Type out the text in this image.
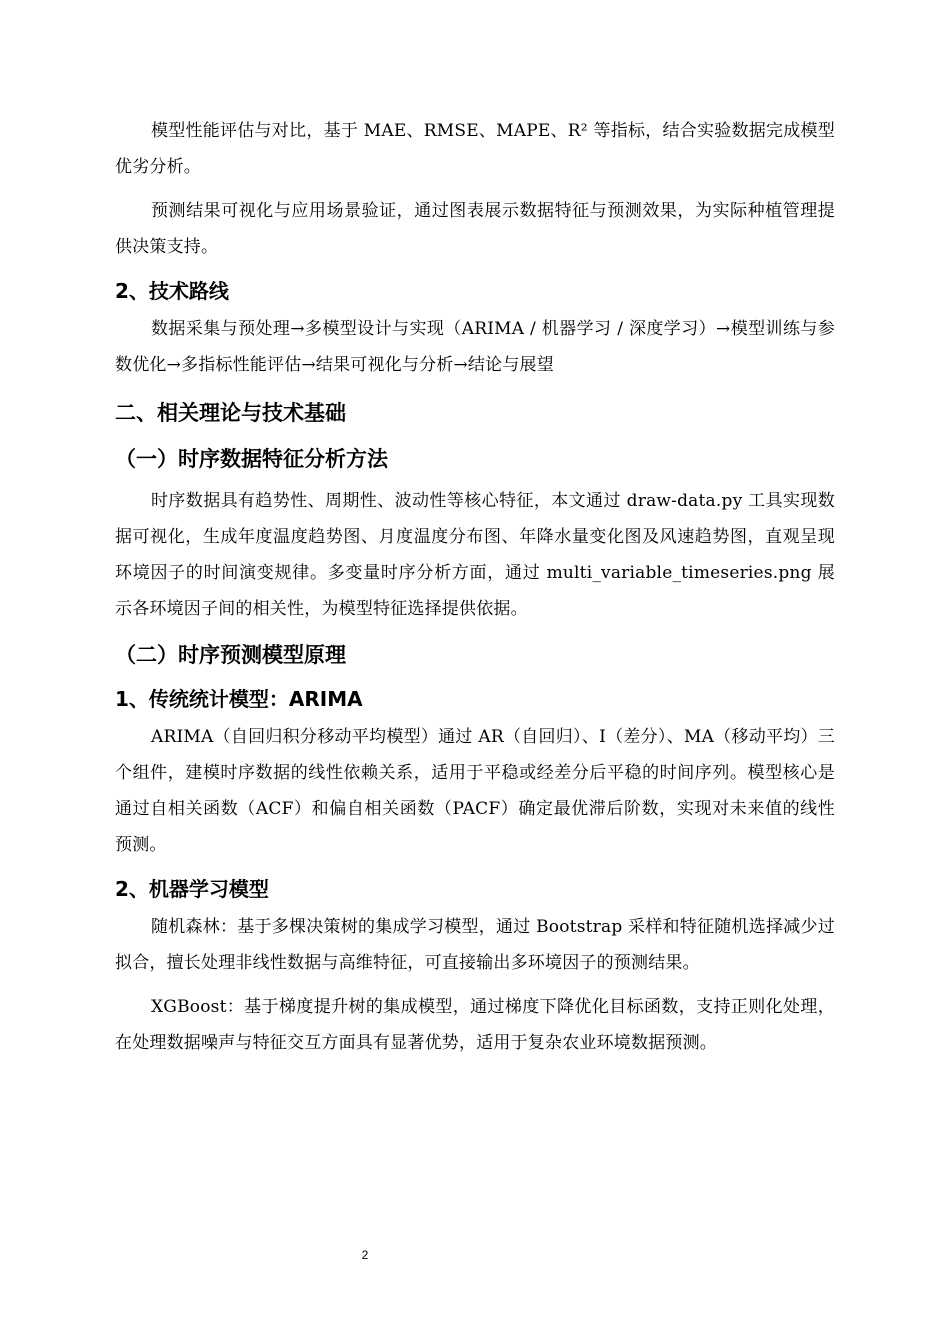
模型性能评估与对比，基于 MAE、RMSE、MAPE、R² 等指标，结合实验数据完成模型优劣分析。

预测结果可视化与应用场景验证，通过图表展示数据特征与预测效果，为实际种植管理提供决策支持。

2、技术路线

数据采集与预处理→多模型设计与实现（ARIMA / 机器学习 / 深度学习）→模型训练与参数优化→多指标性能评估→结果可视化与分析→结论与展望

二、相关理论与技术基础
（一）时序数据特征分析方法

时序数据具有趋势性、周期性、波动性等核心特征，本文通过 draw-data.py 工具实现数据可视化，生成年度温度趋势图、月度温度分布图、年降水量变化图及风速趋势图，直观呈现环境因子的时间演变规律。多变量时序分析方面，通过 multi_variable_timeseries.png 展示各环境因子间的相关性，为模型特征选择提供依据。

（二）时序预测模型原理
1、传统统计模型：ARIMA

ARIMA（自回归积分移动平均模型）通过 AR（自回归）、I（差分）、MA（移动平均）三个组件，建模时序数据的线性依赖关系，适用于平稳或经差分后平稳的时间序列。模型核心是通过自相关函数（ACF）和偏自相关函数（PACF）确定最优滞后阶数，实现对未来值的线性预测。

2、机器学习模型

随机森林：基于多棵决策树的集成学习模型，通过 Bootstrap 采样和特征随机选择减少过拟合，擅长处理非线性数据与高维特征，可直接输出多环境因子的预测结果。

XGBoost：基于梯度提升树的集成模型，通过梯度下降优化目标函数，支持正则化处理，在处理数据噪声与特征交互方面具有显著优势，适用于复杂农业环境数据预测。

2
